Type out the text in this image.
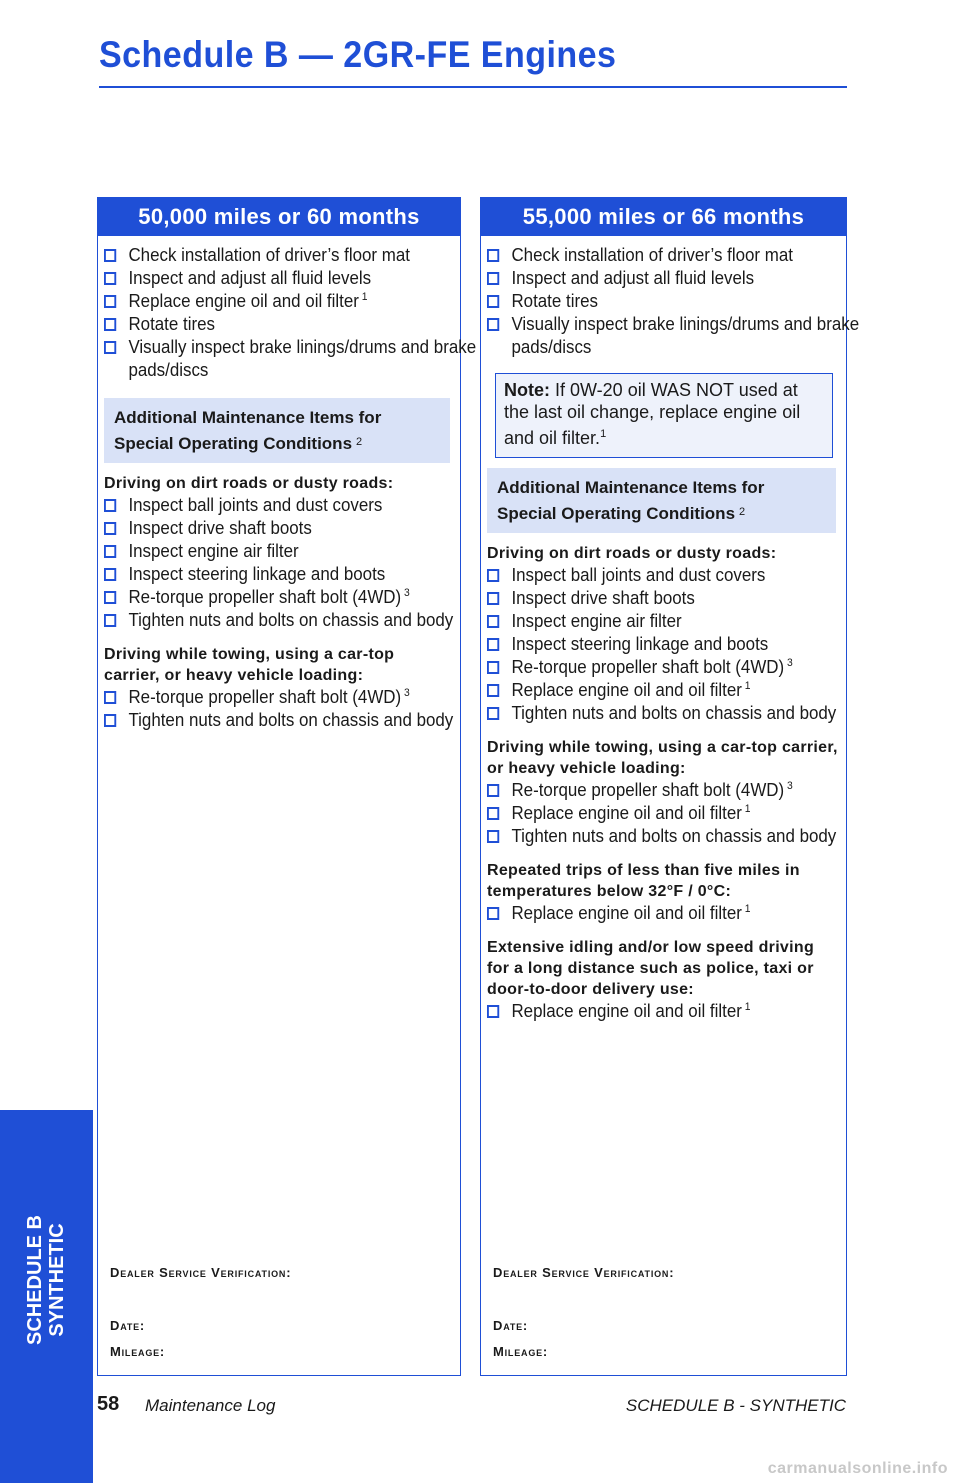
Schedule B — 2GR-FE Engines
50,000 miles or 60 months
Check installation of driver’s floor mat
Inspect and adjust all fluid levels
Replace engine oil and oil filter $^1$
Rotate tires
Visually inspect brake linings/drums and brake pads/discs
Additional Maintenance Items for
Special Operating Conditions $^2$
Driving on dirt roads or dusty roads:
Inspect ball joints and dust covers
Inspect drive shaft boots
Inspect engine air filter
Inspect steering linkage and boots
Re-torque propeller shaft bolt (4WD) $^3$
Tighten nuts and bolts on chassis and body
Driving while towing, using a car-top carrier, or heavy vehicle loading:
Re-torque propeller shaft bolt (4WD) $^3$
Tighten nuts and bolts on chassis and body
Dealer Service Verification:
Date:
Mileage:
55,000 miles or 66 months
Check installation of driver’s floor mat
Inspect and adjust all fluid levels
Rotate tires
Visually inspect brake linings/drums and brake pads/discs
Note: If 0W-20 oil WAS NOT used at the last oil change, replace engine oil and oil filter.$^1$
Additional Maintenance Items for
Special Operating Conditions $^2$
Driving on dirt roads or dusty roads:
Inspect ball joints and dust covers
Inspect drive shaft boots
Inspect engine air filter
Inspect steering linkage and boots
Re-torque propeller shaft bolt (4WD) $^3$
Replace engine oil and oil filter $^1$
Tighten nuts and bolts on chassis and body
Driving while towing, using a car-top carrier, or heavy vehicle loading:
Re-torque propeller shaft bolt (4WD) $^3$
Replace engine oil and oil filter $^1$
Tighten nuts and bolts on chassis and body
Repeated trips of less than five miles in temperatures below 32°F / 0°C:
Replace engine oil and oil filter $^1$
Extensive idling and/or low speed driving for a long distance such as police, taxi or door-to-door delivery use:
Replace engine oil and oil filter $^1$
Dealer Service Verification:
Date:
Mileage:
SCHEDULE B SYNTHETIC
58 Maintenance Log	SCHEDULE B - SYNTHETIC
carmanualsonline.info
